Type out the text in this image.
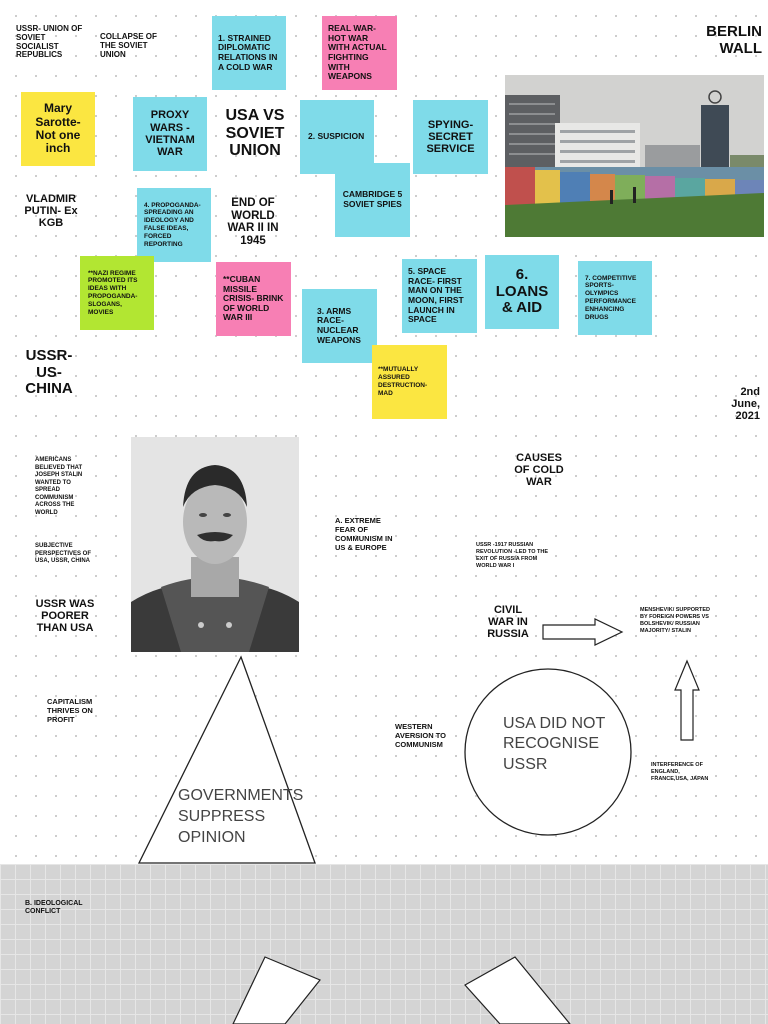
USSR- UNION OF SOVIET SOCIALIST REPUBLICS
COLLAPSE OF THE SOVIET UNION
BERLIN WALL
1. STRAINED DIPLOMATIC RELATIONS IN A COLD WAR
REAL WAR- HOT WAR WITH ACTUAL FIGHTING WITH WEAPONS
Mary Sarotte- Not one inch
PROXY WARS - VIETNAM WAR
USA VS SOVIET UNION
2. SUSPICION
SPYING- SECRET SERVICE
VLADMIR PUTIN- Ex KGB
4. PROPOGANDA- SPREADING AN IDEOLOGY AND FALSE IDEAS, FORCED REPORTING
END OF WORLD WAR II IN 1945
CAMBRIDGE 5 SOVIET SPIES
**NAZI REGIME PROMOTED ITS IDEAS WITH PROPOGANDA- SLOGANS, MOVIES
**CUBAN MISSILE CRISIS- BRINK OF WORLD WAR III
5. SPACE RACE- FIRST MAN ON THE MOON, FIRST LAUNCH IN SPACE
6. LOANS & AID
7. COMPETITIVE SPORTS- OLYMPICS PERFORMANCE ENHANCING DRUGS
3. ARMS RACE- NUCLEAR WEAPONS
**MUTUALLY ASSURED DESTRUCTION- MAD
USSR- US- CHINA	2nd June, 2021
AMERICANS BELIEVED THAT JOSEPH STALIN WANTED TO SPREAD COMMUNISM ACROSS THE WORLD
A. EXTREME FEAR OF COMMUNISM IN US & EUROPE
CAUSES OF COLD WAR
SUBJECTIVE PERSPECTIVES OF USA, USSR, CHINA
USSR -1917 RUSSIAN REVOLUTION -LED TO THE EXIT OF RUSSIA FROM WORLD WAR I
USSR WAS POORER THAN USA
CIVIL WAR IN RUSSIA
MENSHEVIK/ SUPPORTED BY FOREIGN POWERS VS BOLSHEVIK/ RUSSIAN MAJORITY/ STALIN
CAPITALISM THRIVES ON PROFIT
WESTERN AVERSION TO COMMUNISM
INTERFERENCE OF ENGLAND, FRANCE,USA, JAPAN
GOVERNMENTS SUPPRESS OPINION
USA DID NOT RECOGNISE USSR
B. IDEOLOGICAL CONFLICT
